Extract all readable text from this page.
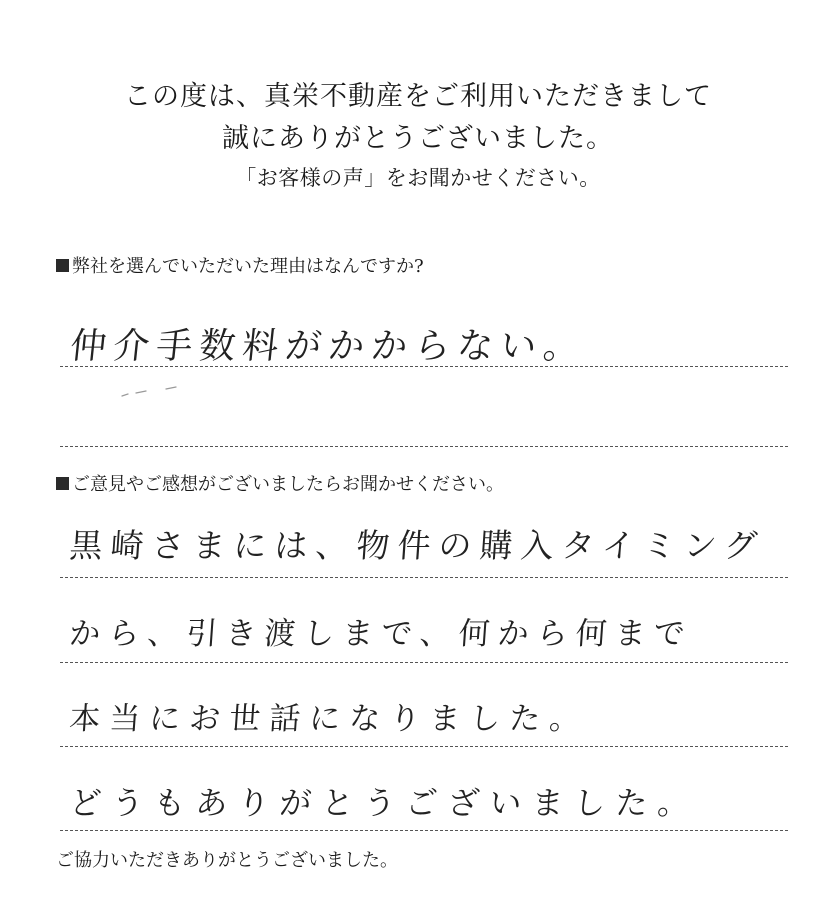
この度は、真栄不動産をご利用いただきまして
誠にありがとうございました。
「お客様の声」をお聞かせください。
弊社を選んでいただいた理由はなんですか?
仲介手数料がかからない。
ご意見やご感想がございましたらお聞かせください。
黒崎さまには、物件の購入タイミング
から、引き渡しまで、何から何まで
本当にお世話になりました。
どうもありがとうございました。
ご協力いただきありがとうございました。
